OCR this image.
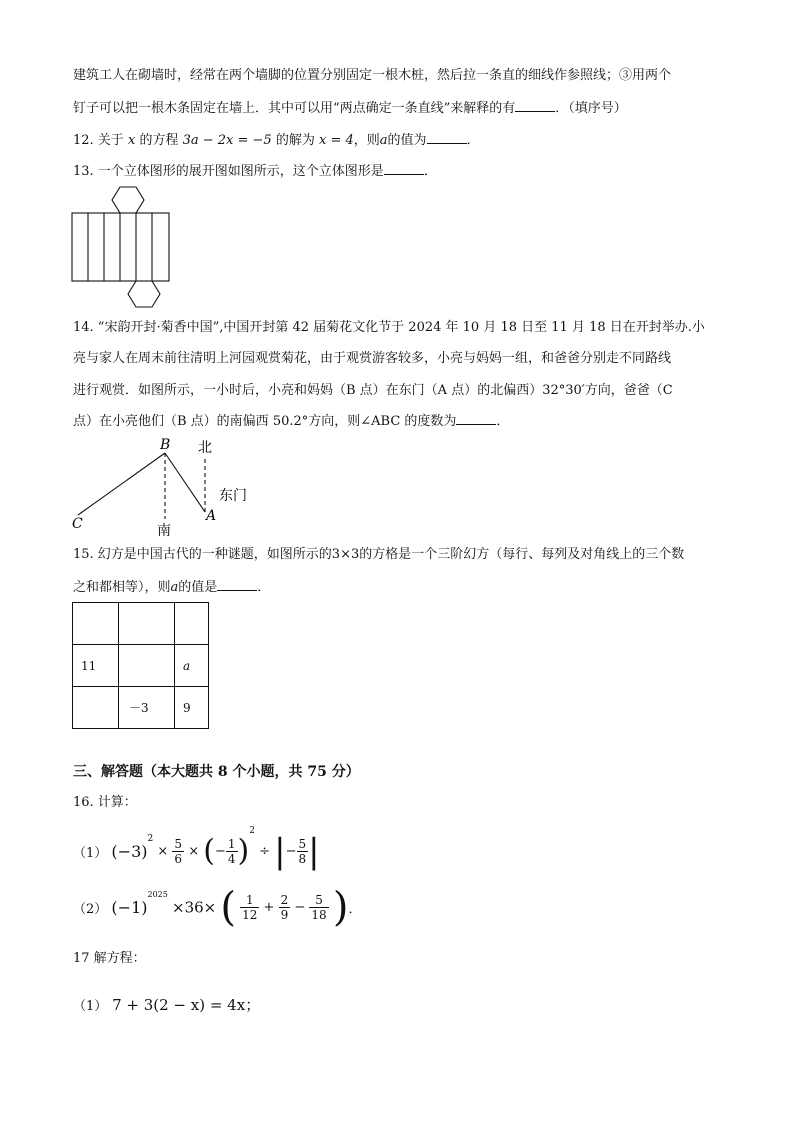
建筑工人在砌墙时，经常在两个墙脚的位置分别固定一根木桩，然后拉一条直的细线作参照线；③用两个
钉子可以把一根木条固定在墙上．其中可以用“两点确定一条直线”来解释的有	．（填序号）
12. 关于 x 的方程 3a − 2x = −5 的解为 x = 4，则a的值为	．
13. 一个立体图形的展开图如图所示，这个立体图形是	．
14. “宋韵开封·菊香中国”,中国开封第 42 届菊花文化节于 2024 年 10 月 18 日至 11 月 18 日在开封举办.小
亮与家人在周末前往清明上河园观赏菊花，由于观赏游客较多，小亮与妈妈一组，和爸爸分别走不同路线
进行观赏．如图所示，一小时后，小亮和妈妈（B 点）在东门（A 点）的北偏西）32°30′方向，爸爸（C
点）在小亮他们（B 点）的南偏西 50.2°方向，则∠ABC 的度数为	．
B 北
东门
C	A
南
15. 幻方是中国古代的一种谜题，如图所示的3×3的方格是一个三阶幻方（每行、每列及对角线上的三个数
之和都相等），则a的值是	．

11		a
	－3	9
三、解答题（本大题共 8 个小题，共 75 分）
16. 计算：
（1） $(-3)^2 \times \frac{5}{6}$ × (− $\frac{1}{4} )^2$ ÷ |− $\frac{5}{8}$ |
（2） $(-1)^{2025} \times 36\times$ ( $\frac{1}{12} + \frac{2}{9} - \frac{5}{18}$ )．
17 解方程：
（1） 7 + 3(2 − x) = 4x；
